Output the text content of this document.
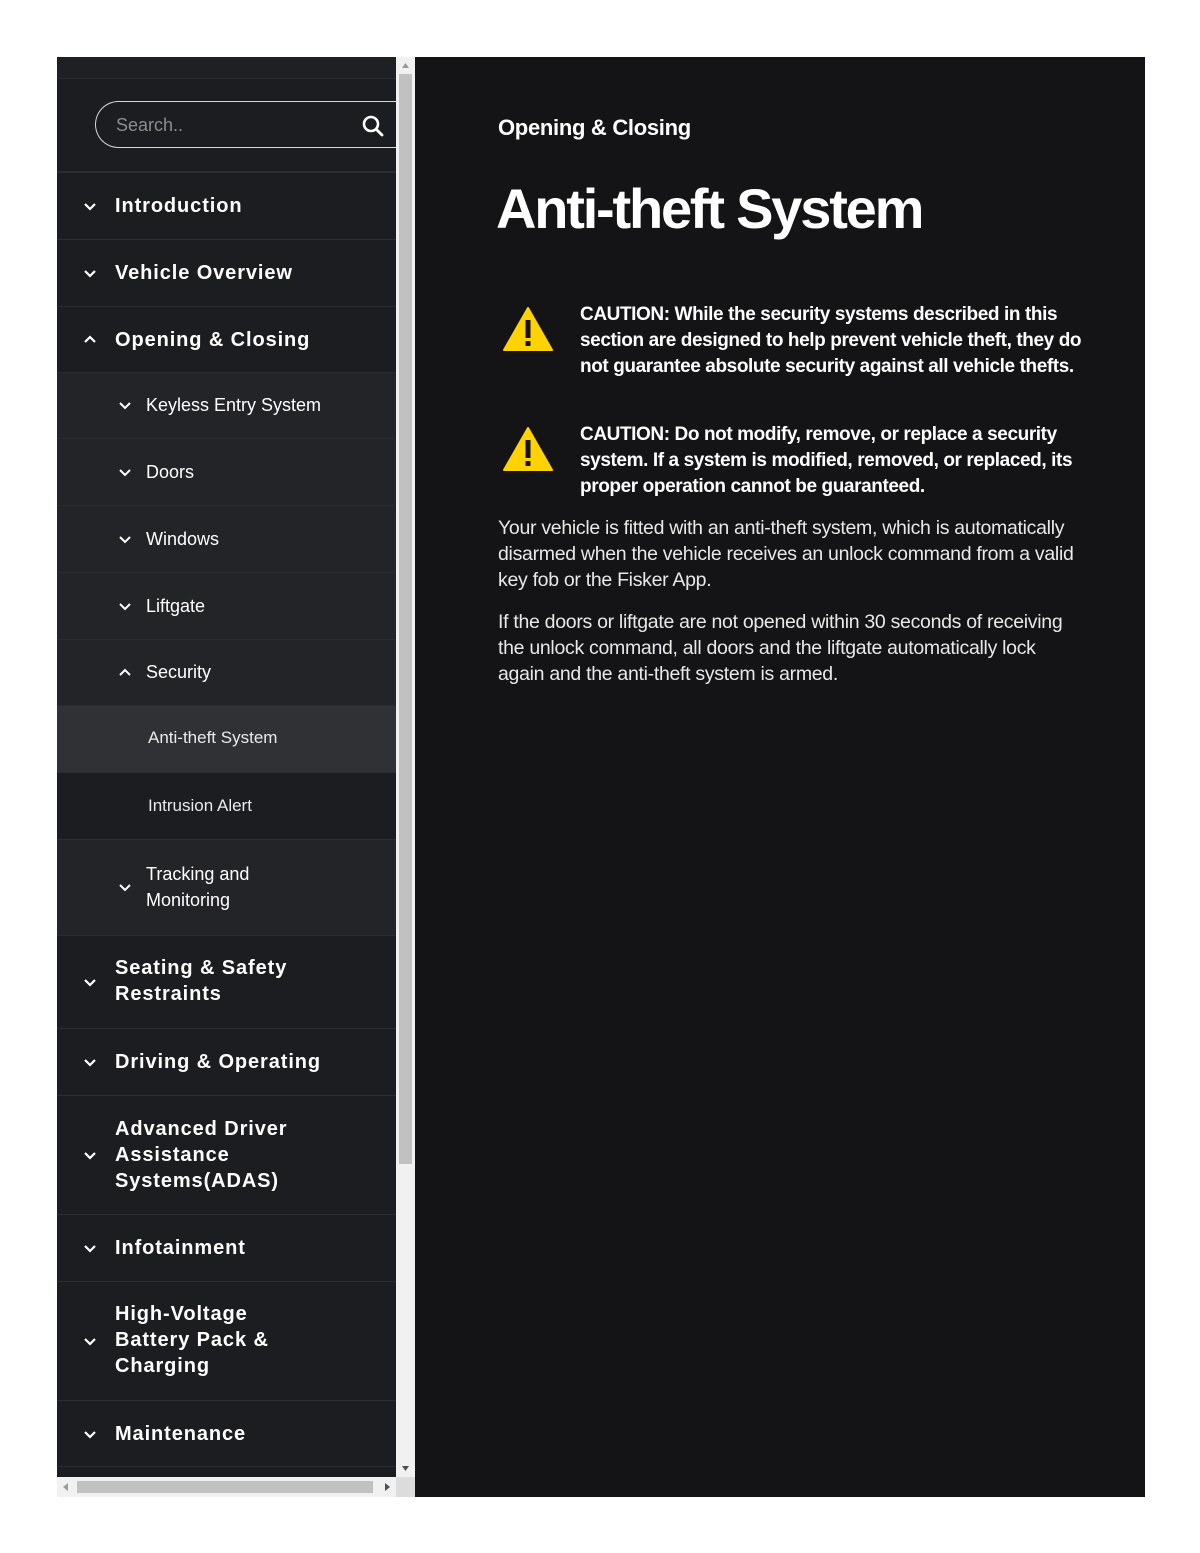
Search..
Introduction
Vehicle Overview
Opening & Closing
Keyless Entry System
Doors
Windows
Liftgate
Security
Anti-theft System
Intrusion Alert
Tracking and Monitoring
Seating & Safety Restraints
Driving & Operating
Advanced Driver Assistance Systems(ADAS)
Infotainment
High-Voltage Battery Pack & Charging
Maintenance
Opening & Closing
Anti-theft System
CAUTION: While the security systems described in this section are designed to help prevent vehicle theft, they do not guarantee absolute security against all vehicle thefts.
CAUTION: Do not modify, remove, or replace a security system. If a system is modified, removed, or replaced, its proper operation cannot be guaranteed.

Your vehicle is fitted with an anti-theft system, which is automatically disarmed when the vehicle receives an unlock command from a valid key fob or the Fisker App.

If the doors or liftgate are not opened within 30 seconds of receiving the unlock command, all doors and the liftgate automatically lock again and the anti-theft system is armed.
